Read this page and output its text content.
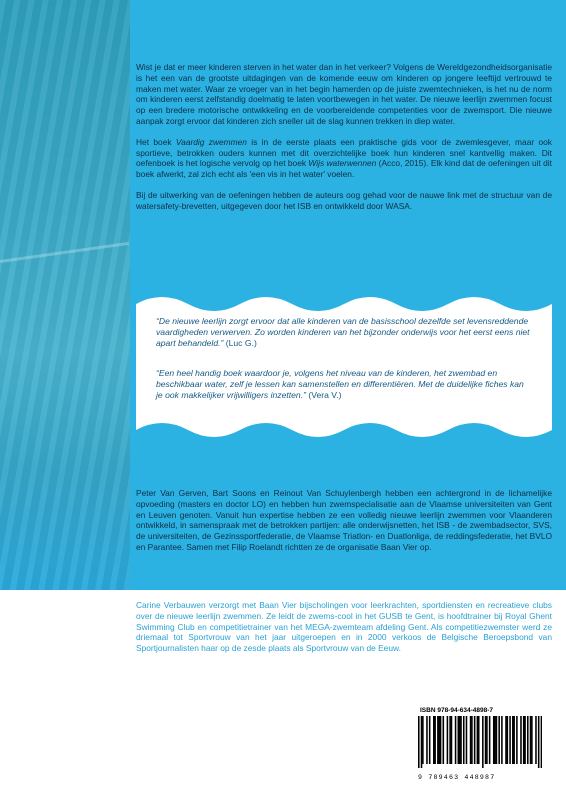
Wist je dat er meer kinderen sterven in het water dan in het verkeer? Volgens de Wereldgezondheidsorganisatie is het een van de grootste uitdagingen van de komende eeuw om kinderen op jongere leeftijd vertrouwd te maken met water. Waar ze vroeger van in het begin hamerden op de juiste zwemtechnieken, is het nu de norm om kinderen eerst zelfstandig doelmatig te laten voortbewegen in het water. De nieuwe leerlijn zwemmen focust op een bredere motorische ontwikkeling en de voorbereidende competenties voor de zwemsport. Die nieuwe aanpak zorgt ervoor dat kinderen zich sneller uit de slag kunnen trekken in diep water.

Het boek Vaardig zwemmen is in de eerste plaats een praktische gids voor de zwemlesgever, maar ook sportieve, betrokken ouders kunnen met dit overzichtelijke boek hun kinderen snel kantvellig maken. Dit oefenboek is het logische vervolg op het boek Wijs waterwennen (Acco, 2015). Elk kind dat de oefeningen uit dit boek afwerkt, zal zich echt als 'een vis in het water' voelen.

Bij de uitwerking van de oefeningen hebben de auteurs oog gehad voor de nauwe link met de structuur van de watersafety-brevetten, uitgegeven door het ISB en ontwikkeld door WASA.

“De nieuwe leerlijn zorgt ervoor dat alle kinderen van de basisschool dezelfde set levensreddende vaardigheden verwerven. Zo worden kinderen van het bijzonder onderwijs voor het eerst eens niet apart behandeld.” (Luc G.)
“Een heel handig boek waardoor je, volgens het niveau van de kinderen, het zwembad en beschikbaar water, zelf je lessen kan samenstellen en differentiëren. Met de duidelijke fiches kan je ook makkelijker vrijwilligers inzetten.” (Vera V.)

Peter Van Gerven, Bart Soons en Reinout Van Schuylenbergh hebben een achtergrond in de lichamelijke opvoeding (masters en doctor LO) en hebben hun zwemspecialisatie aan de Vlaamse universiteiten van Gent en Leuven genoten. Vanuit hun expertise hebben ze een volledig nieuwe leerlijn zwemmen voor Vlaanderen ontwikkeld, in samenspraak met de betrokken partijen: alle onderwijsnetten, het ISB - de zwembadsector, SVS, de universiteiten, de Gezinssportfederatie, de Vlaamse Triatlon- en Duatlonliga, de reddingsfederatie, het BVLO en Parantee. Samen met Filip Roelandt richtten ze de organisatie Baan Vier op.

Carine Verbauwen verzorgt met Baan Vier bijscholingen voor leerkrachten, sportdiensten en recreatieve clubs over de nieuwe leerlijn zwemmen. Ze leidt de zwems-cool in het GUSB te Gent, is hoofdtrainer bij Royal Ghent Swimming Club en competitietrainer van het MEGA-zwemteam afdeling Gent. Als competitiezwemster werd ze driemaal tot Sportvrouw van het jaar uitgeroepen en in 2000 verkoos de Belgische Beroepsbond van Sportjournalisten haar op de zesde plaats als Sportvrouw van de Eeuw.

ISBN 978-94-634-4898-7
9 789463 448987
